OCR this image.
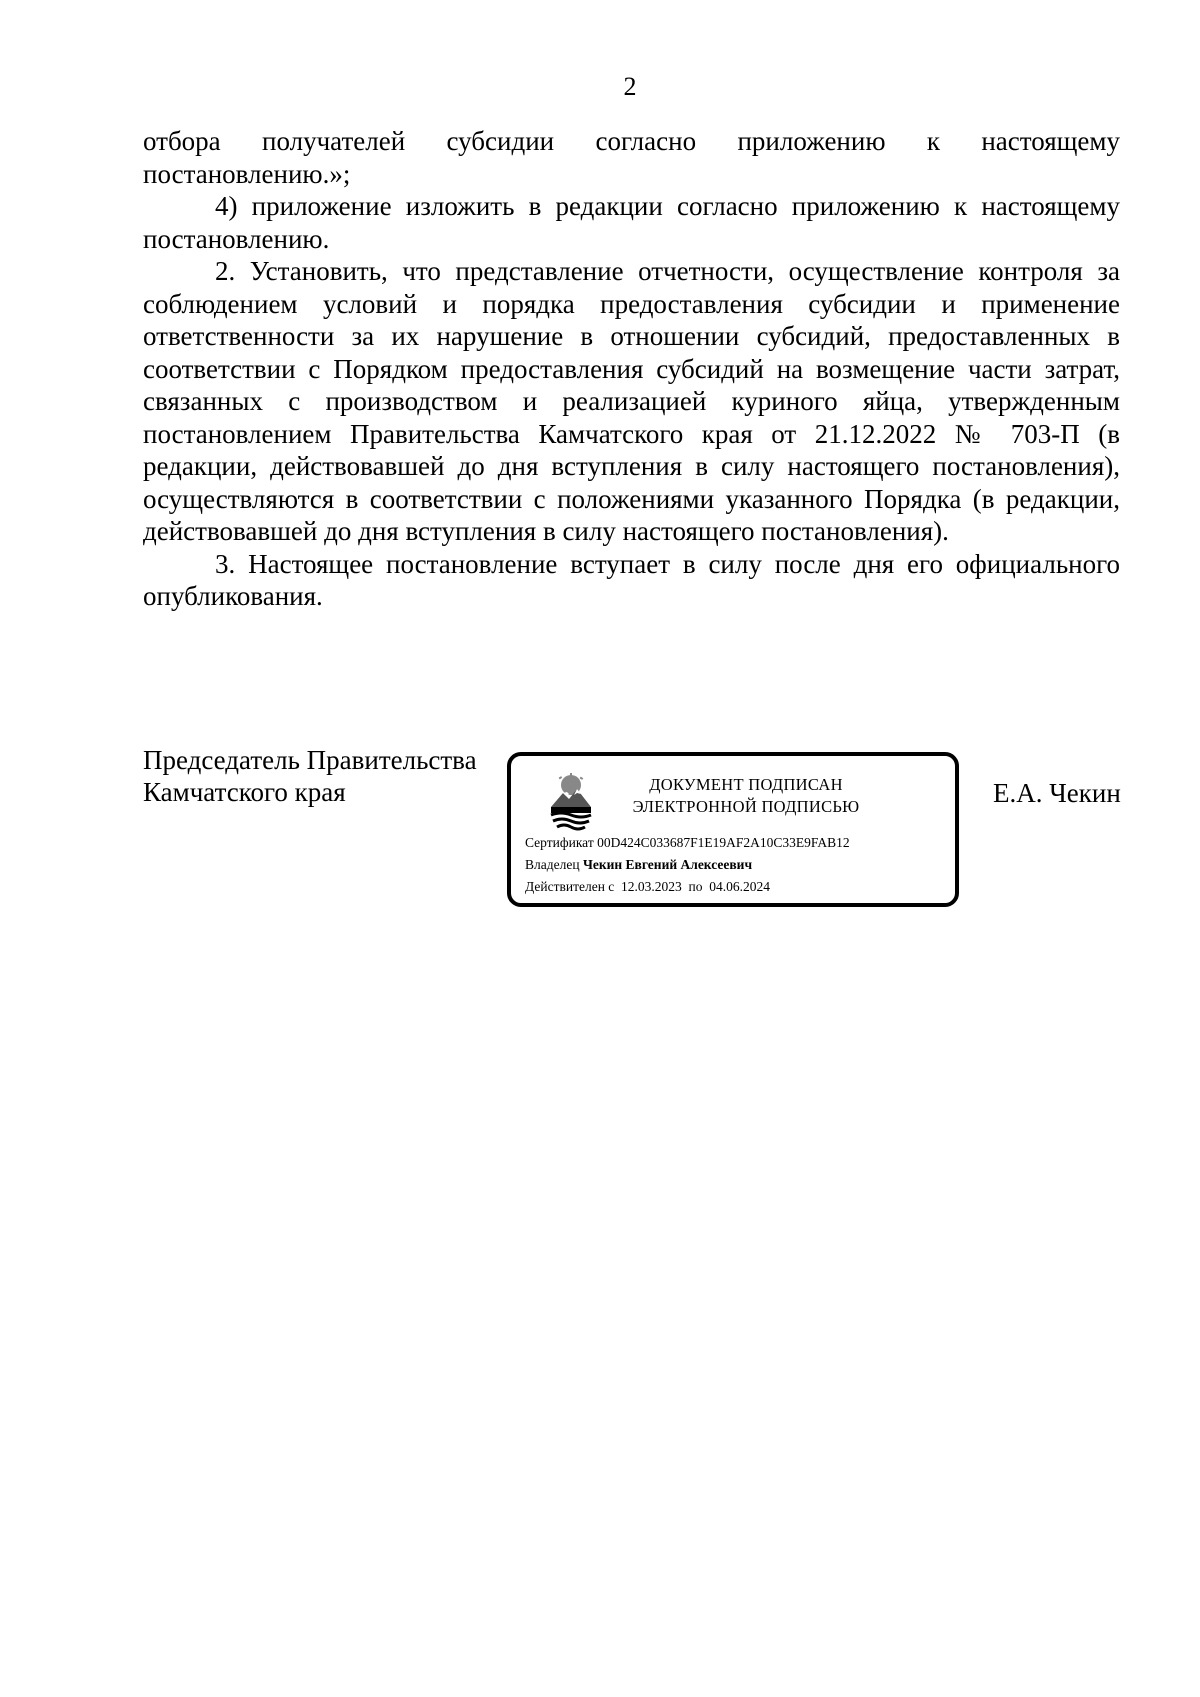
2

отбора получателей субсидии согласно приложению к настоящему постановлению.»;

4) приложение изложить в редакции согласно приложению к настоящему постановлению.

2. Установить, что представление отчетности, осуществление контроля за соблюдением условий и порядка предоставления субсидии и применение ответственности за их нарушение в отношении субсидий, предоставленных в соответствии с Порядком предоставления субсидий на возмещение части затрат, связанных с производством и реализацией куриного яйца, утвержденным постановлением Правительства Камчатского края от 21.12.2022 № 703-П (в редакции, действовавшей до дня вступления в силу настоящего постановления), осуществляются в соответствии с положениями указанного Порядка (в редакции, действовавшей до дня вступления в силу настоящего постановления).

3. Настоящее постановление вступает в силу после дня его официального опубликования.

Председатель Правительства
Камчатского края	Е.А. Чекин
ДОКУМЕНТ ПОДПИСАН
ЭЛЕКТРОННОЙ ПОДПИСЬЮ
Сертификат 00D424C033687F1E19AF2A10C33E9FAB12
Владелец Чекин Евгений Алексеевич
Действителен с 12.03.2023 по 04.06.2024
